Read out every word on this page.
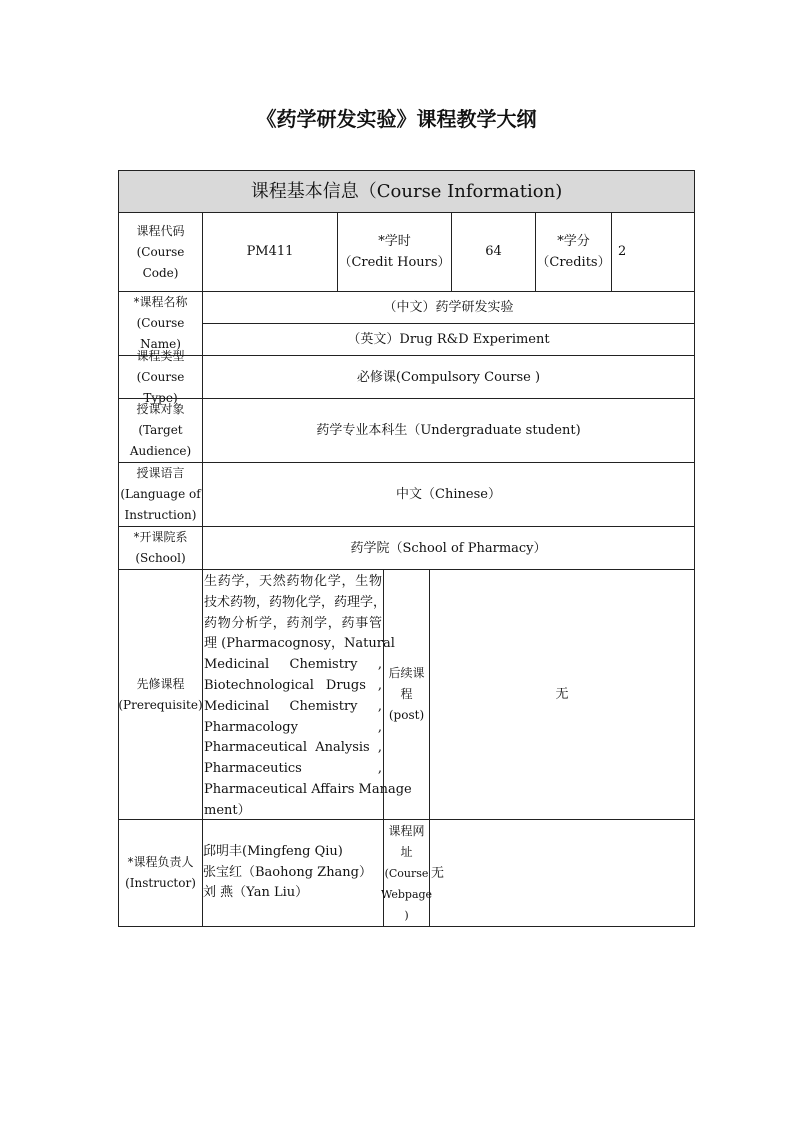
《药学研发实验》课程教学大纲
课程基本信息（Course Information)
课程代码
(Course Code)
PM411
*学时
（Credit Hours）
64
*学分
（Credits）
2
*课程名称
(Course
Name)
（中文）药学研发实验
（英文）Drug R&D Experiment
课程类型
(Course Type)
必修课(Compulsory Course )
授课对象
(Target
Audience)
药学专业本科生（Undergraduate student)
授课语言
(Language of
Instruction)
中文（Chinese）
*开课院系
(School)
药学院（School of Pharmacy）
先修课程
(Prerequisite)
生药学，天然药物化学，生物
技术药物，药物化学，药理学，
药物分析学，药剂学，药事管
理 (Pharmacognosy，Natural
Medicinal Chemistry ,
Biotechnological Drugs ,
Medicinal Chemistry ,
Pharmacology ,
Pharmaceutical Analysis ,
Pharmaceutics ,
Pharmaceutical Affairs Manage
ment）
后续课
程
(post)
无
*课程负责人
(Instructor)
邱明丰(Mingfeng Qiu)
张宝红（Baohong Zhang）
刘 燕（Yan Liu）
课程网
址
(Course
Webpage
)
无
